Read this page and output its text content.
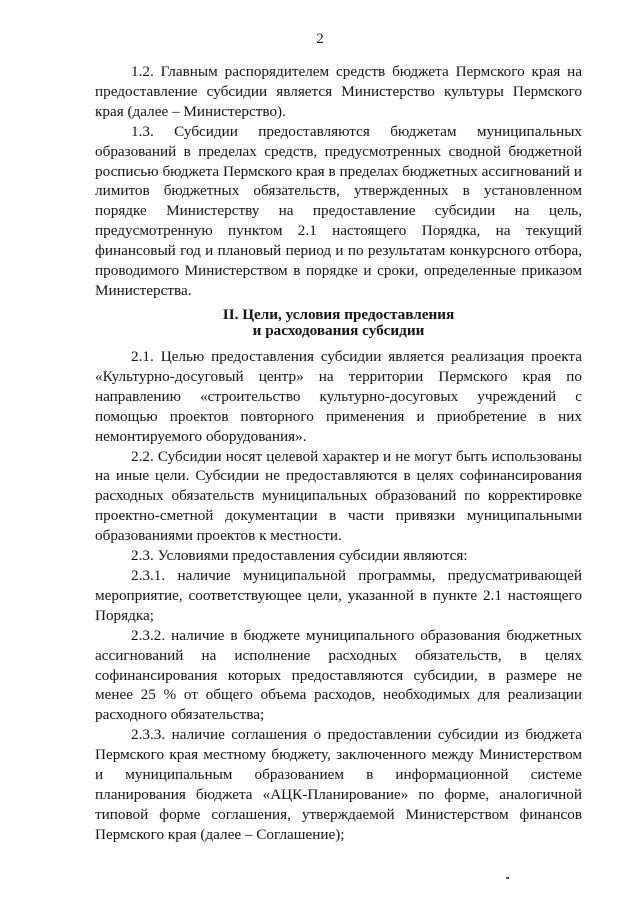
2

1.2. Главным распорядителем средств бюджета Пермского края на предоставление субсидии является Министерство культуры Пермского края (далее – Министерство).

1.3. Субсидии предоставляются бюджетам муниципальных образований в пределах средств, предусмотренных сводной бюджетной росписью бюджета Пермского края в пределах бюджетных ассигнований и лимитов бюджетных обязательств, утвержденных в установленном порядке Министерству на предоставление субсидии на цель, предусмотренную пунктом 2.1 настоящего Порядка, на текущий финансовый год и плановый период и по результатам конкурсного отбора, проводимого Министерством в порядке и сроки, определенные приказом Министерства.

II. Цели, условия предоставления

и расходования субсидии

2.1. Целью предоставления субсидии является реализация проекта «Культурно-досуговый центр» на территории Пермского края по направлению «строительство культурно-досуговых учреждений с помощью проектов повторного применения и приобретение в них немонтируемого оборудования».

2.2. Субсидии носят целевой характер и не могут быть использованы на иные цели. Субсидии не предоставляются в целях софинансирования расходных обязательств муниципальных образований по корректировке проектно-сметной документации в части привязки муниципальными образованиями проектов к местности.

2.3. Условиями предоставления субсидии являются:

2.3.1. наличие муниципальной программы, предусматривающей мероприятие, соответствующее цели, указанной в пункте 2.1 настоящего Порядка;

2.3.2. наличие в бюджете муниципального образования бюджетных ассигнований на исполнение расходных обязательств, в целях софинансирования которых предоставляются субсидии, в размере не менее 25 % от общего объема расходов, необходимых для реализации расходного обязательства;

2.3.3. наличие соглашения о предоставлении субсидии из бюджета Пермского края местному бюджету, заключенного между Министерством и муниципальным образованием в информационной системе планирования бюджета «АЦК-Планирование» по форме, аналогичной типовой форме соглашения, утверждаемой Министерством финансов Пермского края (далее – Соглашение);
